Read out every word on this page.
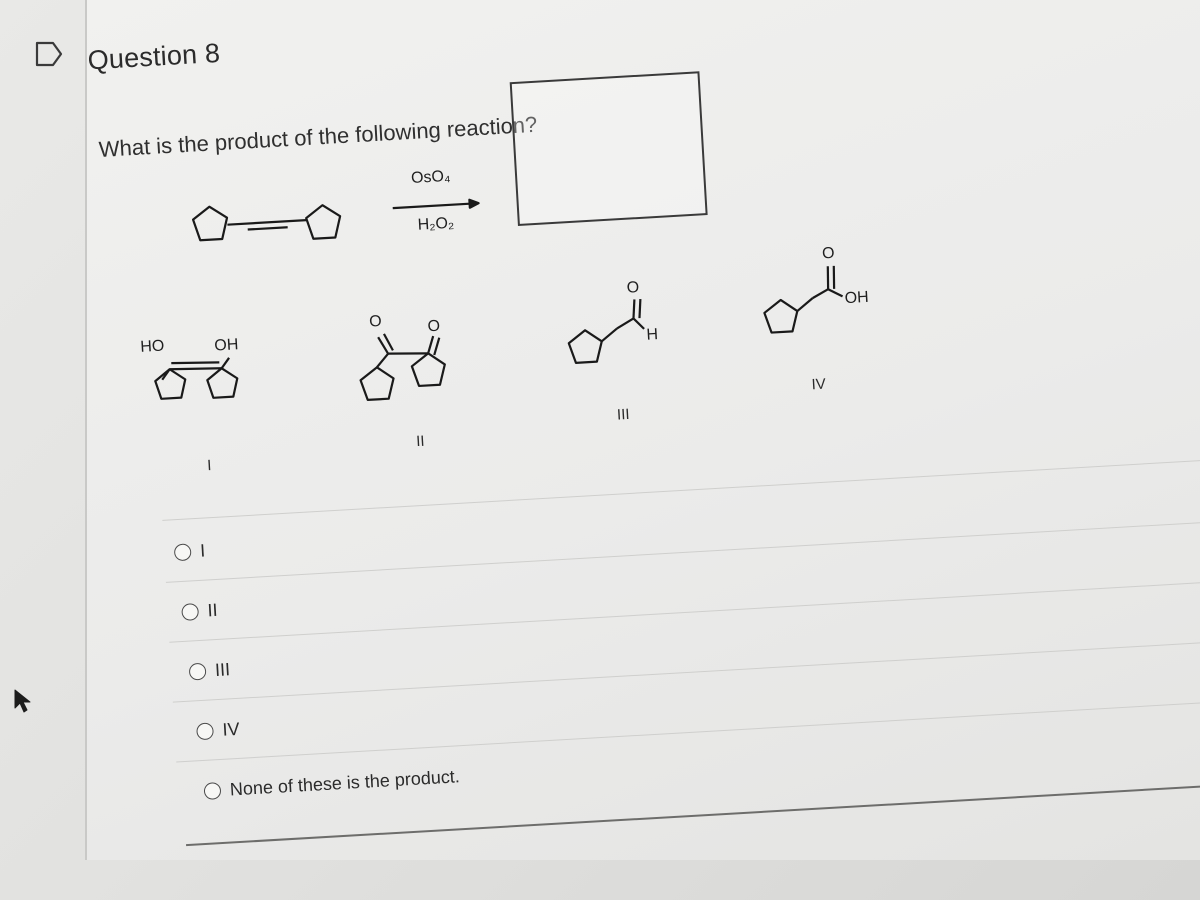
Question 8
What is the product of the following reaction?
OsO₄
H₂O₂
HO	OH
I
O	O
II
O
H
III
O
OH
IV
I
II
III
IV
None of these is the product.
